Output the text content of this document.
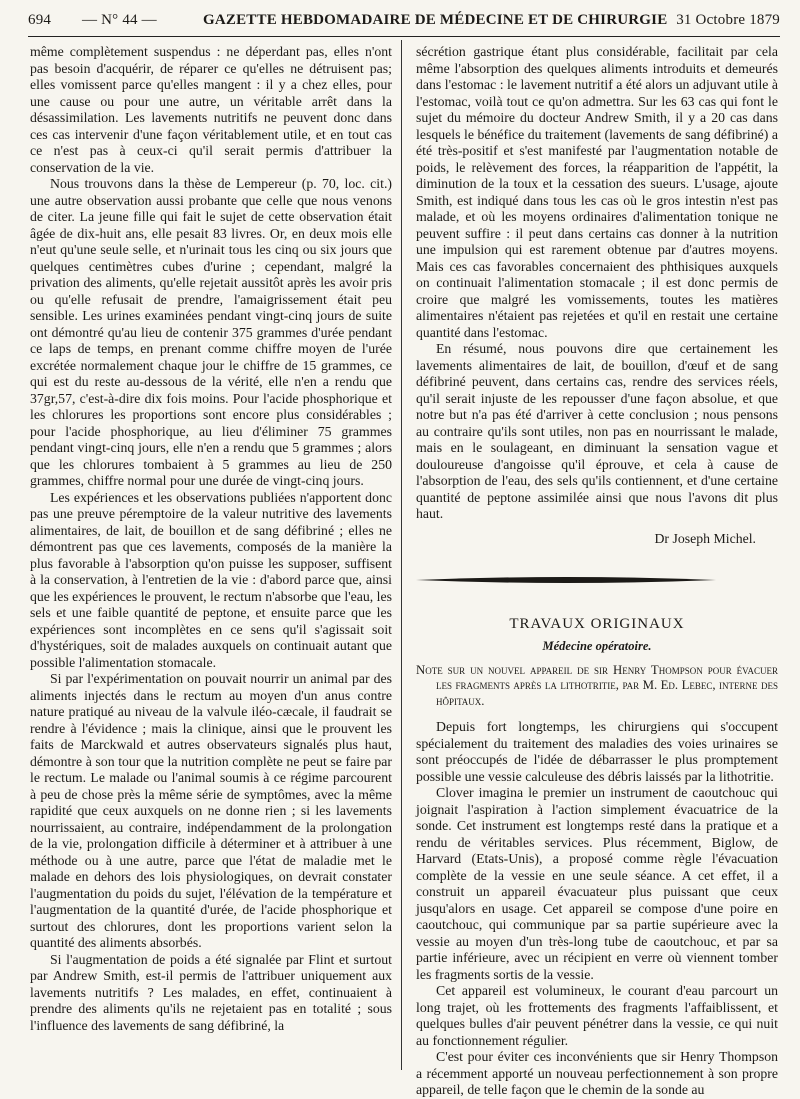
694 — N° 44 —	GAZETTE HEBDOMADAIRE DE MÉDECINE ET DE CHIRURGIE 31 Octobre 1879

même complètement suspendus : ne déperdant pas, elles n'ont pas besoin d'acquérir, de réparer ce qu'elles ne détruisent pas; elles vomissent parce qu'elles mangent : il y a chez elles, pour une cause ou pour une autre, un véritable arrêt dans la désassimilation. Les lavements nutritifs ne peuvent donc dans ces cas intervenir d'une façon véritablement utile, et en tout cas ce n'est pas à ceux-ci qu'il serait permis d'attribuer la conservation de la vie.

Nous trouvons dans la thèse de Lempereur (p. 70, loc. cit.) une autre observation aussi probante que celle que nous venons de citer. La jeune fille qui fait le sujet de cette observation était âgée de dix-huit ans, elle pesait 83 livres. Or, en deux mois elle n'eut qu'une seule selle, et n'urinait tous les cinq ou six jours que quelques centimètres cubes d'urine ; cependant, malgré la privation des aliments, qu'elle rejetait aussitôt après les avoir pris ou qu'elle refusait de prendre, l'amaigrissement était peu sensible. Les urines examinées pendant vingt-cinq jours de suite ont démontré qu'au lieu de contenir 375 grammes d'urée pendant ce laps de temps, en prenant comme chiffre moyen de l'urée excrétée normalement chaque jour le chiffre de 15 grammes, ce qui est du reste au-dessous de la vérité, elle n'en a rendu que 37gr,57, c'est-à-dire dix fois moins. Pour l'acide phosphorique et les chlorures les proportions sont encore plus considérables ; pour l'acide phosphorique, au lieu d'éliminer 75 grammes pendant vingt-cinq jours, elle n'en a rendu que 5 grammes ; alors que les chlorures tombaient à 5 grammes au lieu de 250 grammes, chiffre normal pour une durée de vingt-cinq jours.

Les expériences et les observations publiées n'apportent donc pas une preuve péremptoire de la valeur nutritive des lavements alimentaires, de lait, de bouillon et de sang défibriné ; elles ne démontrent pas que ces lavements, composés de la manière la plus favorable à l'absorption qu'on puisse les supposer, suffisent à la conservation, à l'entretien de la vie : d'abord parce que, ainsi que les expériences le prouvent, le rectum n'absorbe que l'eau, les sels et une faible quantité de peptone, et ensuite parce que les expériences sont incomplètes en ce sens qu'il s'agissait soit d'hystériques, soit de malades auxquels on continuait autant que possible l'alimentation stomacale.

Si par l'expérimentation on pouvait nourrir un animal par des aliments injectés dans le rectum au moyen d'un anus contre nature pratiqué au niveau de la valvule iléo-cæcale, il faudrait se rendre à l'évidence ; mais la clinique, ainsi que le prouvent les faits de Marckwald et autres observateurs signalés plus haut, démontre à son tour que la nutrition complète ne peut se faire par le rectum. Le malade ou l'animal soumis à ce régime parcourent à peu de chose près la même série de symptômes, avec la même rapidité que ceux auxquels on ne donne rien ; si les lavements nourrissaient, au contraire, indépendamment de la prolongation de la vie, prolongation difficile à déterminer et à attribuer à une méthode ou à une autre, parce que l'état de maladie met le malade en dehors des lois physiologiques, on devrait constater l'augmentation du poids du sujet, l'élévation de la température et l'augmentation de la quantité d'urée, de l'acide phosphorique et surtout des chlorures, dont les proportions varient selon la quantité des aliments absorbés.

Si l'augmentation de poids a été signalée par Flint et surtout par Andrew Smith, est-il permis de l'attribuer uniquement aux lavements nutritifs ? Les malades, en effet, continuaient à prendre des aliments qu'ils ne rejetaient pas en totalité ; sous l'influence des lavements de sang défibriné, la

sécrétion gastrique étant plus considérable, facilitait par cela même l'absorption des quelques aliments introduits et demeurés dans l'estomac : le lavement nutritif a été alors un adjuvant utile à l'estomac, voilà tout ce qu'on admettra. Sur les 63 cas qui font le sujet du mémoire du docteur Andrew Smith, il y a 20 cas dans lesquels le bénéfice du traitement (lavements de sang défibriné) a été très-positif et s'est manifesté par l'augmentation notable de poids, le relèvement des forces, la réapparition de l'appétit, la diminution de la toux et la cessation des sueurs. L'usage, ajoute Smith, est indiqué dans tous les cas où le gros intestin n'est pas malade, et où les moyens ordinaires d'alimentation tonique ne peuvent suffire : il peut dans certains cas donner à la nutrition une impulsion qui est rarement obtenue par d'autres moyens. Mais ces cas favorables concernaient des phthisiques auxquels on continuait l'alimentation stomacale ; il est donc permis de croire que malgré les vomissements, toutes les matières alimentaires n'étaient pas rejetées et qu'il en restait une certaine quantité dans l'estomac.

En résumé, nous pouvons dire que certainement les lavements alimentaires de lait, de bouillon, d'œuf et de sang défibriné peuvent, dans certains cas, rendre des services réels, qu'il serait injuste de les repousser d'une façon absolue, et que notre but n'a pas été d'arriver à cette conclusion ; nous pensons au contraire qu'ils sont utiles, non pas en nourrissant le malade, mais en le soulageant, en diminuant la sensation vague et douloureuse d'angoisse qu'il éprouve, et cela à cause de l'absorption de l'eau, des sels qu'ils contiennent, et d'une certaine quantité de peptone assimilée ainsi que nous l'avons dit plus haut.

Dr Joseph Michel.
TRAVAUX ORIGINAUX
Médecine opératoire.

Note sur un nouvel appareil de sir Henry Thompson pour évacuer les fragments après la lithotritie, par M. Ed. Lebec, interne des hôpitaux.

Depuis fort longtemps, les chirurgiens qui s'occupent spécialement du traitement des maladies des voies urinaires se sont préoccupés de l'idée de débarrasser le plus promptement possible une vessie calculeuse des débris laissés par la lithotritie.

Clover imagina le premier un instrument de caoutchouc qui joignait l'aspiration à l'action simplement évacuatrice de la sonde. Cet instrument est longtemps resté dans la pratique et a rendu de véritables services. Plus récemment, Biglow, de Harvard (Etats-Unis), a proposé comme règle l'évacuation complète de la vessie en une seule séance. A cet effet, il a construit un appareil évacuateur plus puissant que ceux jusqu'alors en usage. Cet appareil se compose d'une poire en caoutchouc, qui communique par sa partie supérieure avec la vessie au moyen d'un très-long tube de caoutchouc, et par sa partie inférieure, avec un récipient en verre où viennent tomber les fragments sortis de la vessie.

Cet appareil est volumineux, le courant d'eau parcourt un long trajet, où les frottements des fragments l'affaiblissent, et quelques bulles d'air peuvent pénétrer dans la vessie, ce qui nuit au fonctionnement régulier.

C'est pour éviter ces inconvénients que sir Henry Thompson a récemment apporté un nouveau perfectionnement à son propre appareil, de telle façon que le chemin de la sonde au
